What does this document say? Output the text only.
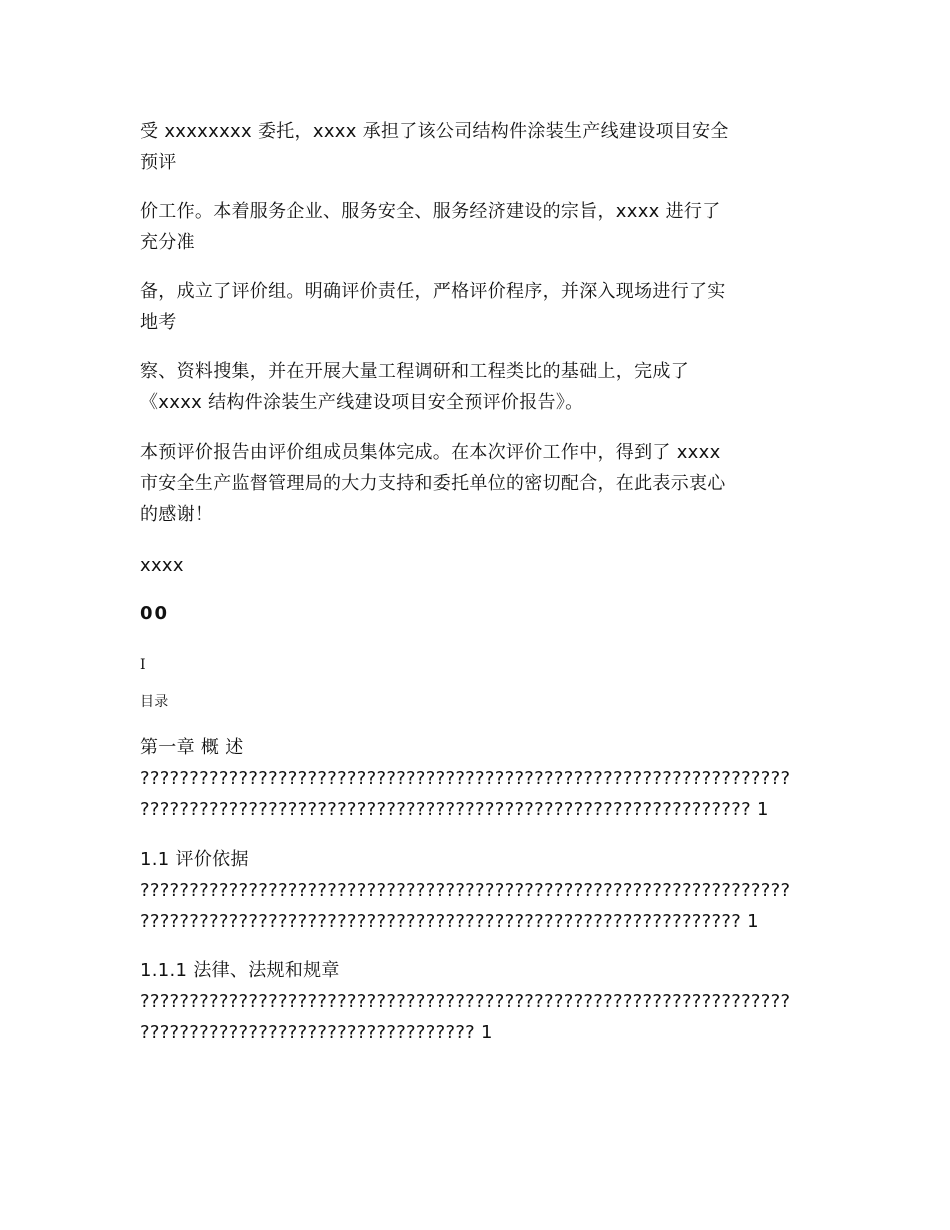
受 xxxxxxxx 委托，xxxx 承担了该公司结构件涂装生产线建设项目安全
预评
价工作。本着服务企业、服务安全、服务经济建设的宗旨，xxxx 进行了
充分准
备，成立了评价组。明确评价责任，严格评价程序，并深入现场进行了实
地考
察、资料搜集，并在开展大量工程调研和工程类比的基础上，完成了
《xxxx 结构件涂装生产线建设项目安全预评价报告》。
本预评价报告由评价组成员集体完成。在本次评价工作中，得到了 xxxx
市安全生产监督管理局的大力支持和委托单位的密切配合，在此表示衷心
的感谢！
xxxx
00
I
目录
第一章 概 述
??????????????????????????????????????????????????????????????????
?????????????????????????????????????????????????????????????? 1
1.1 评价依据
??????????????????????????????????????????????????????????????????
????????????????????????????????????????????????????????????? 1
1.1.1 法律、法规和规章
??????????????????????????????????????????????????????????????????
?????????????????????????????????? 1
